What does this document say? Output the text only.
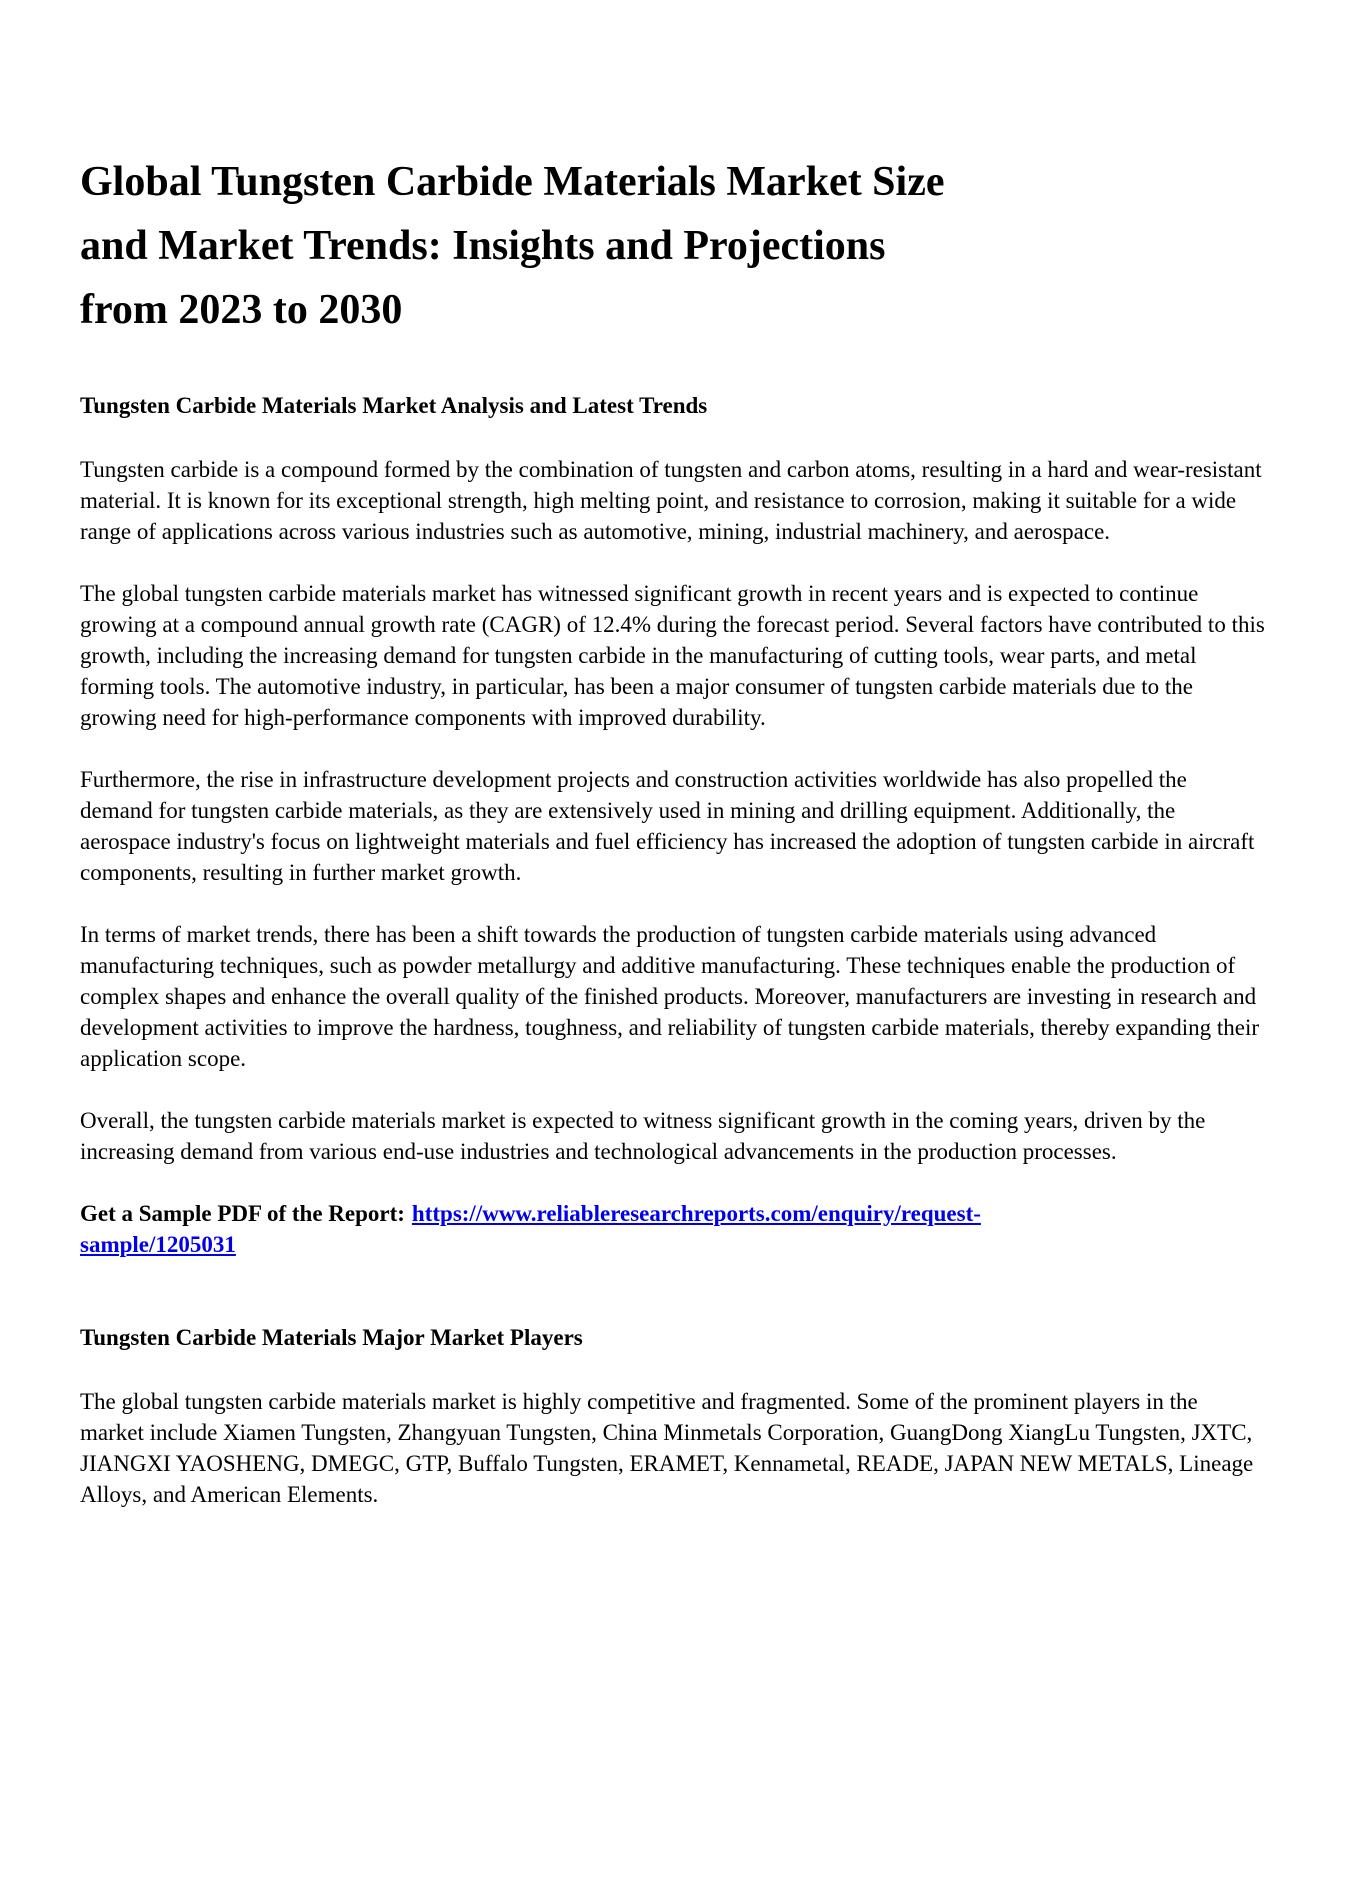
Global Tungsten Carbide Materials Market Size
and Market Trends: Insights and Projections
from 2023 to 2030
Tungsten Carbide Materials Market Analysis and Latest Trends

Tungsten carbide is a compound formed by the combination of tungsten and carbon atoms, resulting in a hard and wear-resistant material. It is known for its exceptional strength, high melting point, and resistance to corrosion, making it suitable for a wide range of applications across various industries such as automotive, mining, industrial machinery, and aerospace.

The global tungsten carbide materials market has witnessed significant growth in recent years and is expected to continue growing at a compound annual growth rate (CAGR) of 12.4% during the forecast period. Several factors have contributed to this growth, including the increasing demand for tungsten carbide in the manufacturing of cutting tools, wear parts, and metal forming tools. The automotive industry, in particular, has been a major consumer of tungsten carbide materials due to the growing need for high-performance components with improved durability.

Furthermore, the rise in infrastructure development projects and construction activities worldwide has also propelled the demand for tungsten carbide materials, as they are extensively used in mining and drilling equipment. Additionally, the aerospace industry's focus on lightweight materials and fuel efficiency has increased the adoption of tungsten carbide in aircraft components, resulting in further market growth.

In terms of market trends, there has been a shift towards the production of tungsten carbide materials using advanced manufacturing techniques, such as powder metallurgy and additive manufacturing. These techniques enable the production of complex shapes and enhance the overall quality of the finished products. Moreover, manufacturers are investing in research and development activities to improve the hardness, toughness, and reliability of tungsten carbide materials, thereby expanding their application scope.

Overall, the tungsten carbide materials market is expected to witness significant growth in the coming years, driven by the increasing demand from various end-use industries and technological advancements in the production processes.

Get a Sample PDF of the Report: https://www.reliableresearchreports.com/enquiry/request-
sample/1205031

Tungsten Carbide Materials Major Market Players

The global tungsten carbide materials market is highly competitive and fragmented. Some of the prominent players in the market include Xiamen Tungsten, Zhangyuan Tungsten, China Minmetals Corporation, GuangDong XiangLu Tungsten, JXTC, JIANGXI YAOSHENG, DMEGC, GTP, Buffalo Tungsten, ERAMET, Kennametal, READE, JAPAN NEW METALS, Lineage Alloys, and American Elements.
